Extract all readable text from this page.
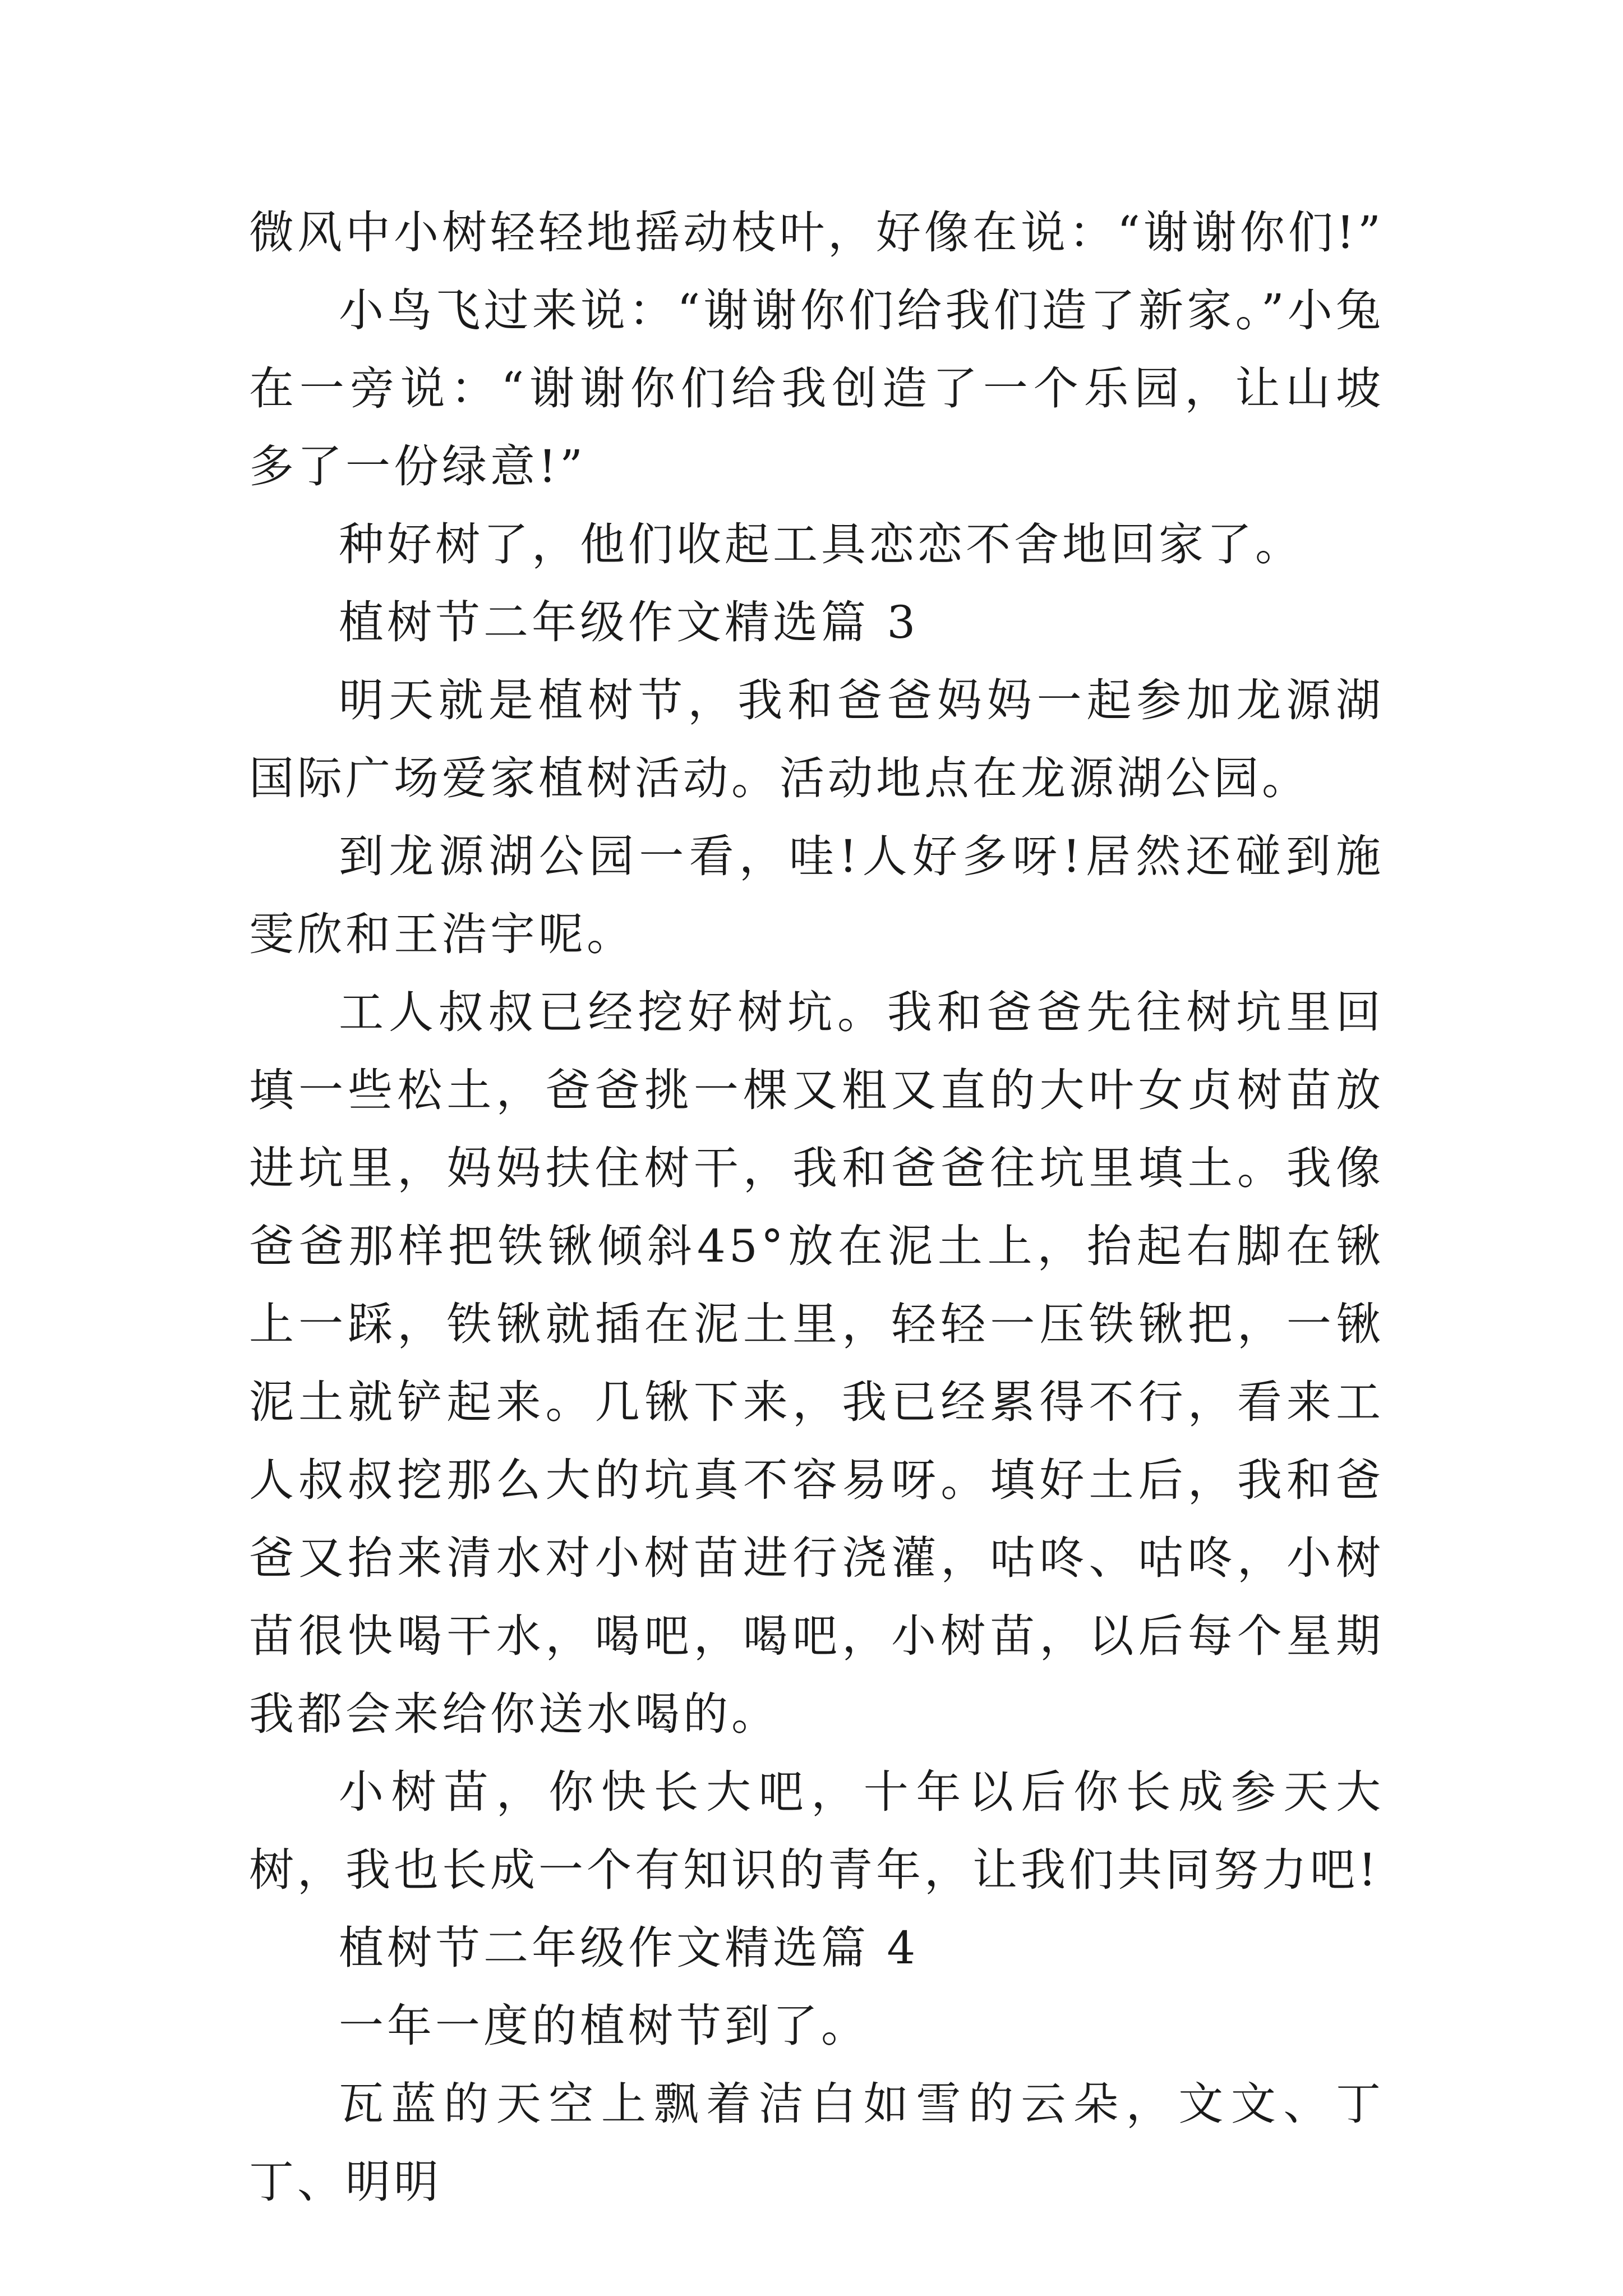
微风中小树轻轻地摇动枝叶，好像在说：“谢谢你们!”

小鸟飞过来说：“谢谢你们给我们造了新家。”小兔在一旁说：“谢谢你们给我创造了一个乐园，让山坡多了一份绿意!”

种好树了，他们收起工具恋恋不舍地回家了。

植树节二年级作文精选篇 3

明天就是植树节，我和爸爸妈妈一起参加龙源湖国际广场爱家植树活动。活动地点在龙源湖公园。

到龙源湖公园一看，哇!人好多呀!居然还碰到施雯欣和王浩宇呢。

工人叔叔已经挖好树坑。我和爸爸先往树坑里回填一些松土，爸爸挑一棵又粗又直的大叶女贞树苗放进坑里，妈妈扶住树干，我和爸爸往坑里填土。我像爸爸那样把铁锹倾斜45°放在泥土上，抬起右脚在锹上一踩，铁锹就插在泥土里，轻轻一压铁锹把，一锹泥土就铲起来。几锹下来，我已经累得不行，看来工人叔叔挖那么大的坑真不容易呀。填好土后，我和爸爸又抬来清水对小树苗进行浇灌，咕咚、咕咚，小树苗很快喝干水，喝吧，喝吧，小树苗，以后每个星期我都会来给你送水喝的。

小树苗，你快长大吧，十年以后你长成参天大树，我也长成一个有知识的青年，让我们共同努力吧!

植树节二年级作文精选篇 4

一年一度的植树节到了。

瓦蓝的天空上飘着洁白如雪的云朵，文文、丁丁、明明
